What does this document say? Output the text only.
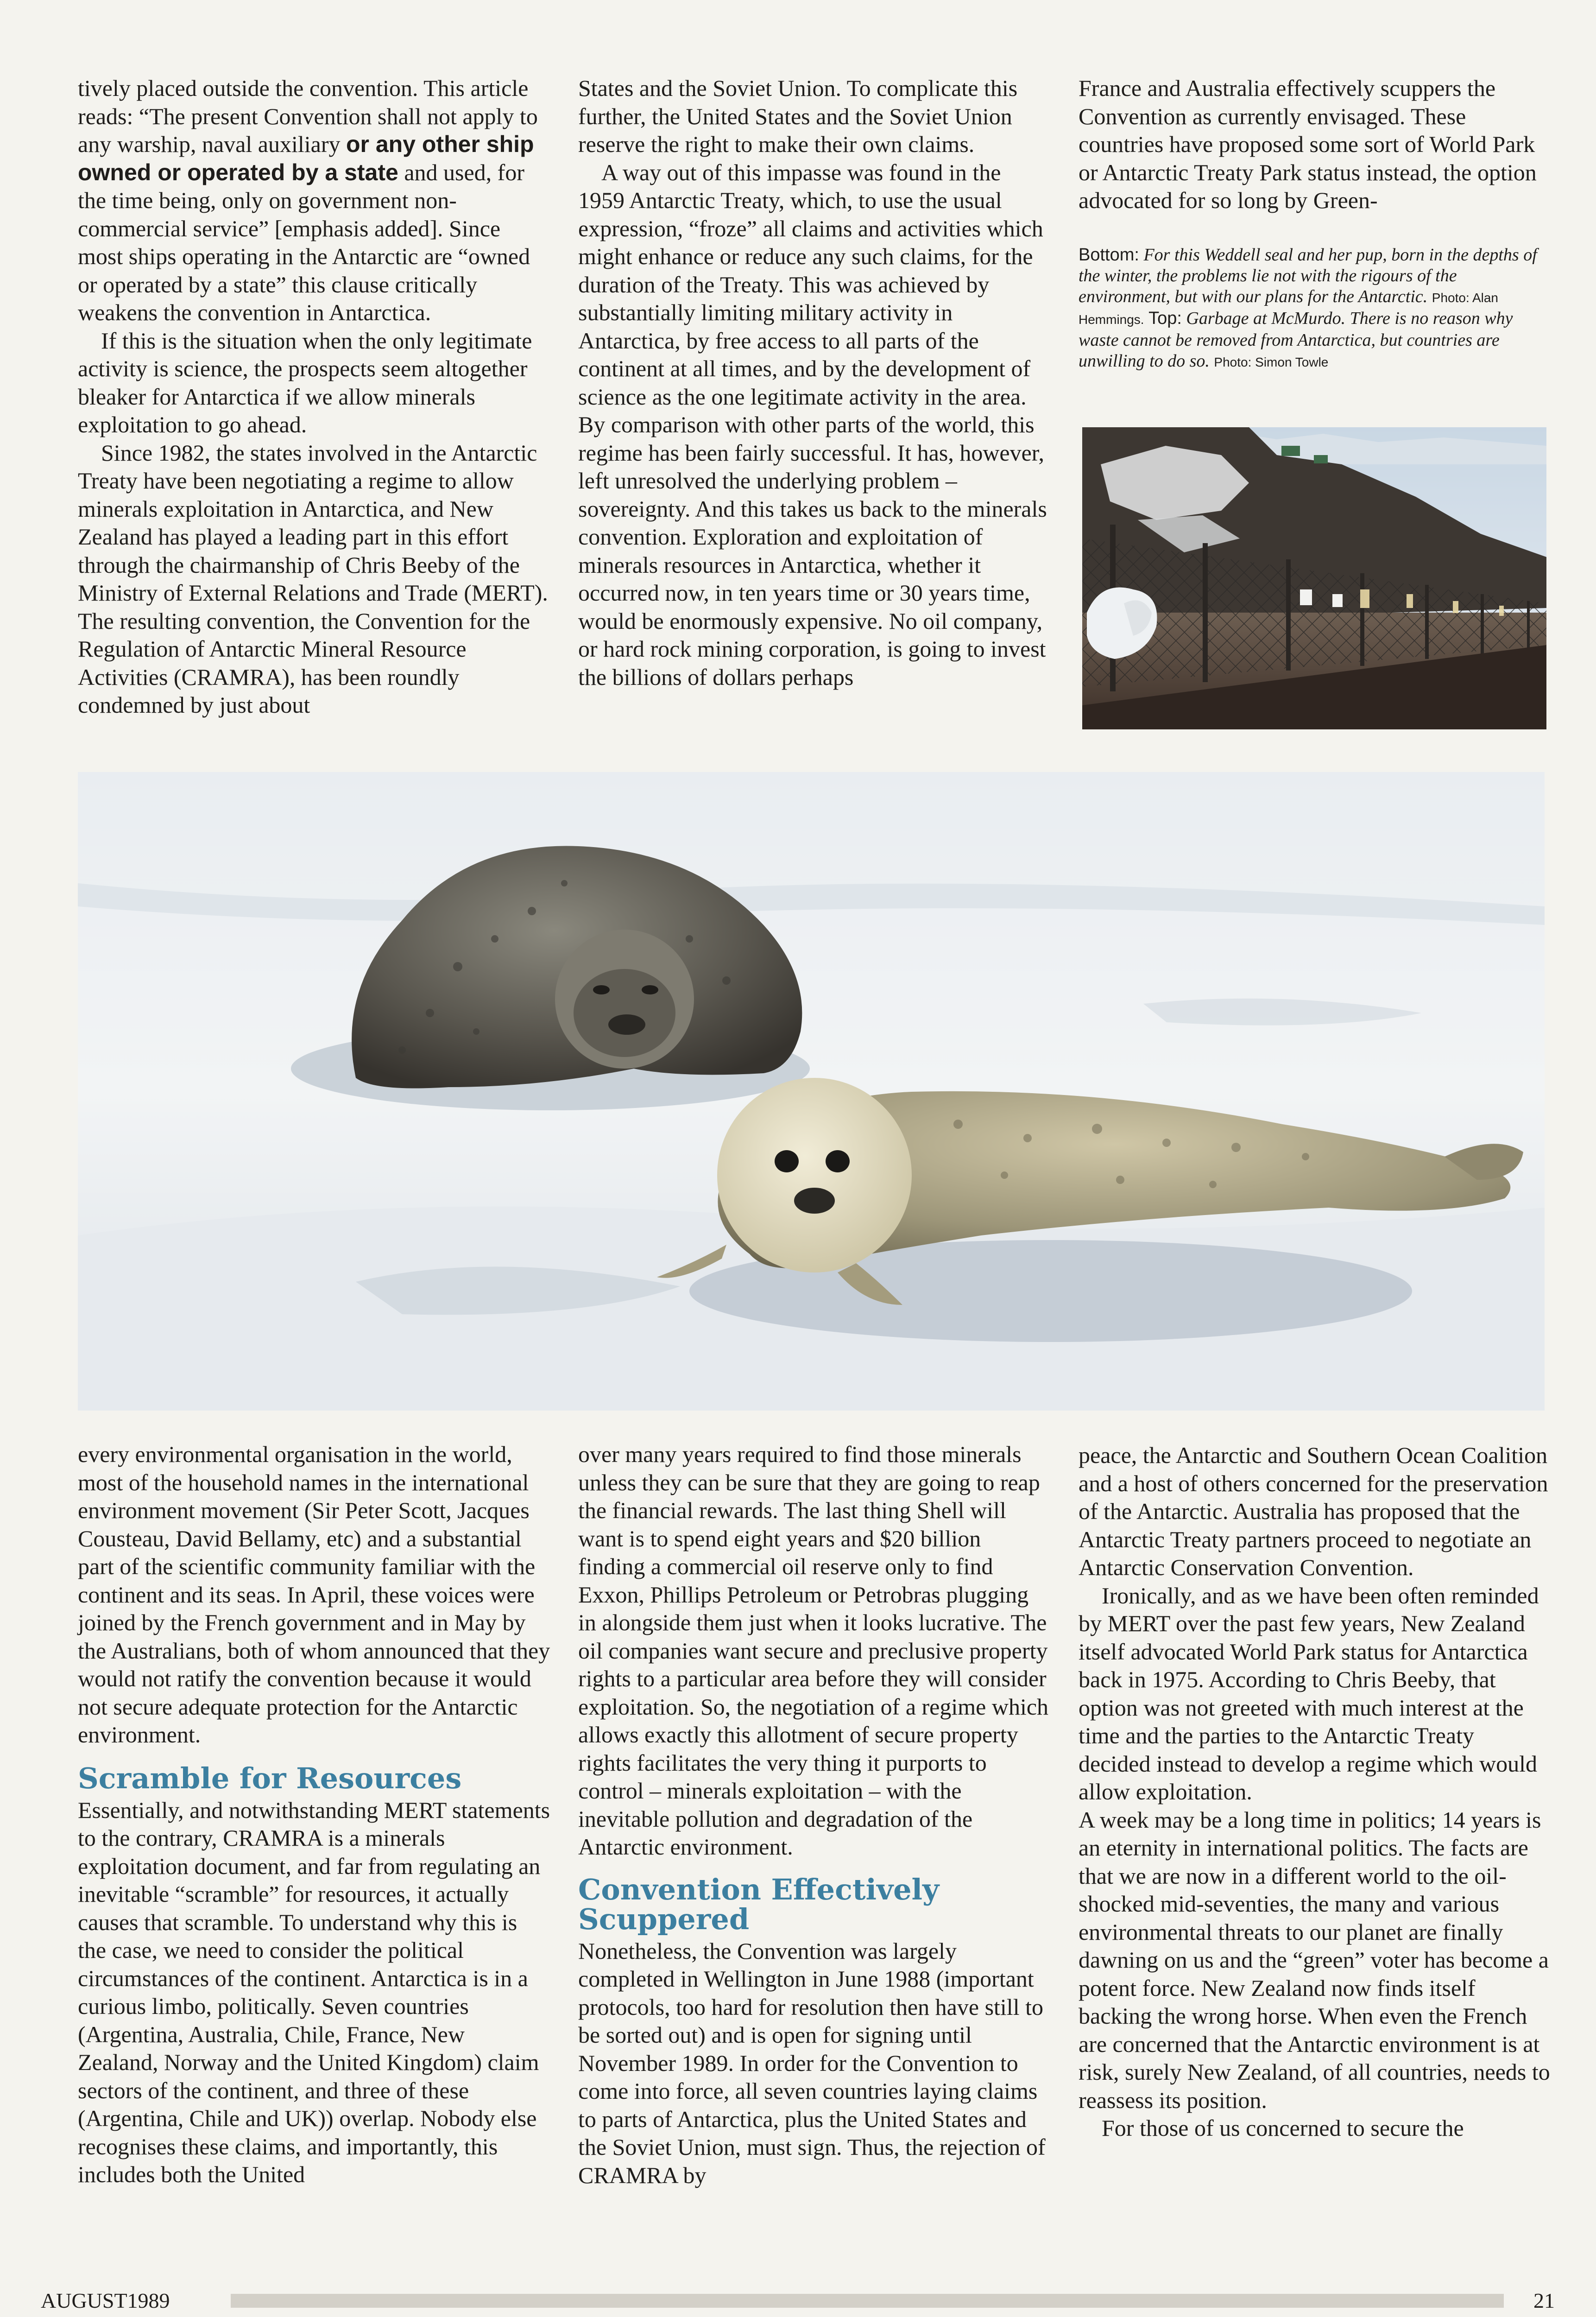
tively placed outside the convention. This article reads: “The present Convention shall not apply to any warship, naval auxiliary or any other ship owned or operated by a state and used, for the time being, only on government non-commercial service” [emphasis added]. Since most ships operating in the Antarctic are “owned or operated by a state” this clause critically weakens the convention in Antarctica.

If this is the situation when the only legitimate activity is science, the prospects seem altogether bleaker for Antarctica if we allow minerals exploitation to go ahead.

Since 1982, the states involved in the Antarctic Treaty have been negotiating a regime to allow minerals exploitation in Antarctica, and New Zealand has played a leading part in this effort through the chairmanship of Chris Beeby of the Ministry of External Relations and Trade (MERT). The resulting convention, the Convention for the Regulation of Antarctic Mineral Resource Activities (CRAMRA), has been roundly condemned by just about

States and the Soviet Union. To complicate this further, the United States and the Soviet Union reserve the right to make their own claims.

A way out of this impasse was found in the 1959 Antarctic Treaty, which, to use the usual expression, “froze” all claims and activities which might enhance or reduce any such claims, for the duration of the Treaty. This was achieved by substantially limiting military activity in Antarctica, by free access to all parts of the continent at all times, and by the development of science as the one legitimate activity in the area. By comparison with other parts of the world, this regime has been fairly successful. It has, however, left unresolved the underlying problem – sovereignty. And this takes us back to the minerals convention. Exploration and exploitation of minerals resources in Antarctica, whether it occurred now, in ten years time or 30 years time, would be enormously expensive. No oil company, or hard rock mining corporation, is going to invest the billions of dollars perhaps

France and Australia effectively scuppers the Convention as currently envisaged. These countries have proposed some sort of World Park or Antarctic Treaty Park status instead, the option advocated for so long by Green-

Bottom: For this Weddell seal and her pup, born in the depths of the winter, the problems lie not with the rigours of the environment, but with our plans for the Antarctic. Photo: Alan Hemmings. Top: Garbage at McMurdo. There is no reason why waste cannot be removed from Antarctica, but countries are unwilling to do so. Photo: Simon Towle

every environmental organisation in the world, most of the household names in the international environment movement (Sir Peter Scott, Jacques Cousteau, David Bellamy, etc) and a substantial part of the scientific community familiar with the continent and its seas. In April, these voices were joined by the French government and in May by the Australians, both of whom announced that they would not ratify the convention because it would not secure adequate protection for the Antarctic environment.

Scramble for Resources

Essentially, and notwithstanding MERT statements to the contrary, CRAMRA is a minerals exploitation document, and far from regulating an inevitable “scramble” for resources, it actually causes that scramble. To understand why this is the case, we need to consider the political circumstances of the continent. Antarctica is in a curious limbo, politically. Seven countries (Argentina, Australia, Chile, France, New Zealand, Norway and the United Kingdom) claim sectors of the continent, and three of these (Argentina, Chile and UK)) overlap. Nobody else recognises these claims, and importantly, this includes both the United

over many years required to find those minerals unless they can be sure that they are going to reap the financial rewards. The last thing Shell will want is to spend eight years and $20 billion finding a commercial oil reserve only to find Exxon, Phillips Petroleum or Petrobras plugging in alongside them just when it looks lucrative. The oil companies want secure and preclusive property rights to a particular area before they will consider exploitation. So, the negotiation of a regime which allows exactly this allotment of secure property rights facilitates the very thing it purports to control – minerals exploitation – with the inevitable pollution and degradation of the Antarctic environment.

Convention Effectively Scuppered

Nonetheless, the Convention was largely completed in Wellington in June 1988 (important protocols, too hard for resolution then have still to be sorted out) and is open for signing until November 1989. In order for the Convention to come into force, all seven countries laying claims to parts of Antarctica, plus the United States and the Soviet Union, must sign. Thus, the rejection of CRAMRA by

peace, the Antarctic and Southern Ocean Coalition and a host of others concerned for the preservation of the Antarctic. Australia has proposed that the Antarctic Treaty partners proceed to negotiate an Antarctic Conservation Convention.

Ironically, and as we have been often reminded by MERT over the past few years, New Zealand itself advocated World Park status for Antarctica back in 1975. According to Chris Beeby, that option was not greeted with much interest at the time and the parties to the Antarctic Treaty decided instead to develop a regime which would allow exploitation.

A week may be a long time in politics; 14 years is an eternity in international politics. The facts are that we are now in a different world to the oil-shocked mid-seventies, the many and various environmental threats to our planet are finally dawning on us and the “green” voter has become a potent force. New Zealand now finds itself backing the wrong horse. When even the French are concerned that the Antarctic environment is at risk, surely New Zealand, of all countries, needs to reassess its position.

For those of us concerned to secure the

AUGUST1989	21
